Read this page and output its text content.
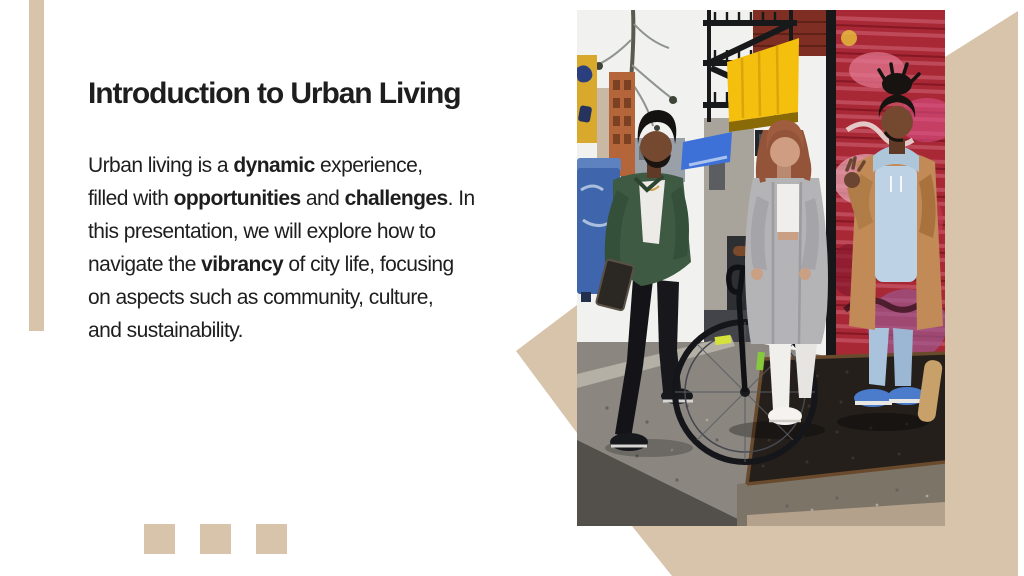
Introduction to Urban Living
Urban living is a dynamic experience,
filled with opportunities and challenges. In
this presentation, we will explore how to
navigate the vibrancy of city life, focusing
on aspects such as community, culture,
and sustainability.
